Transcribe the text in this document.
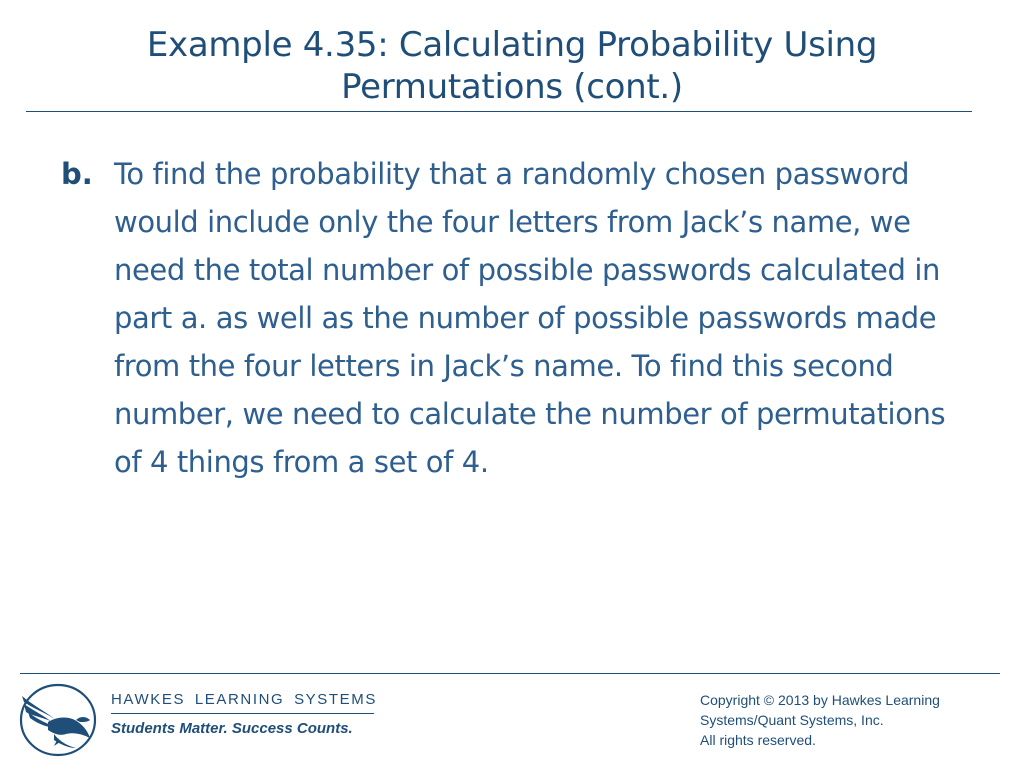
Example 4.35: Calculating Probability Using
Permutations (cont.)
b. To find the probability that a randomly chosen password would include only the four letters from Jack’s name, we need the total number of possible passwords calculated in part a. as well as the number of possible passwords made from the four letters in Jack’s name. To find this second number, we need to calculate the number of permutations of 4 things from a set of 4.
HAWKES LEARNING SYSTEMS
Students Matter. Success Counts.
Copyright © 2013 by Hawkes Learning
Systems/Quant Systems, Inc.
All rights reserved.
